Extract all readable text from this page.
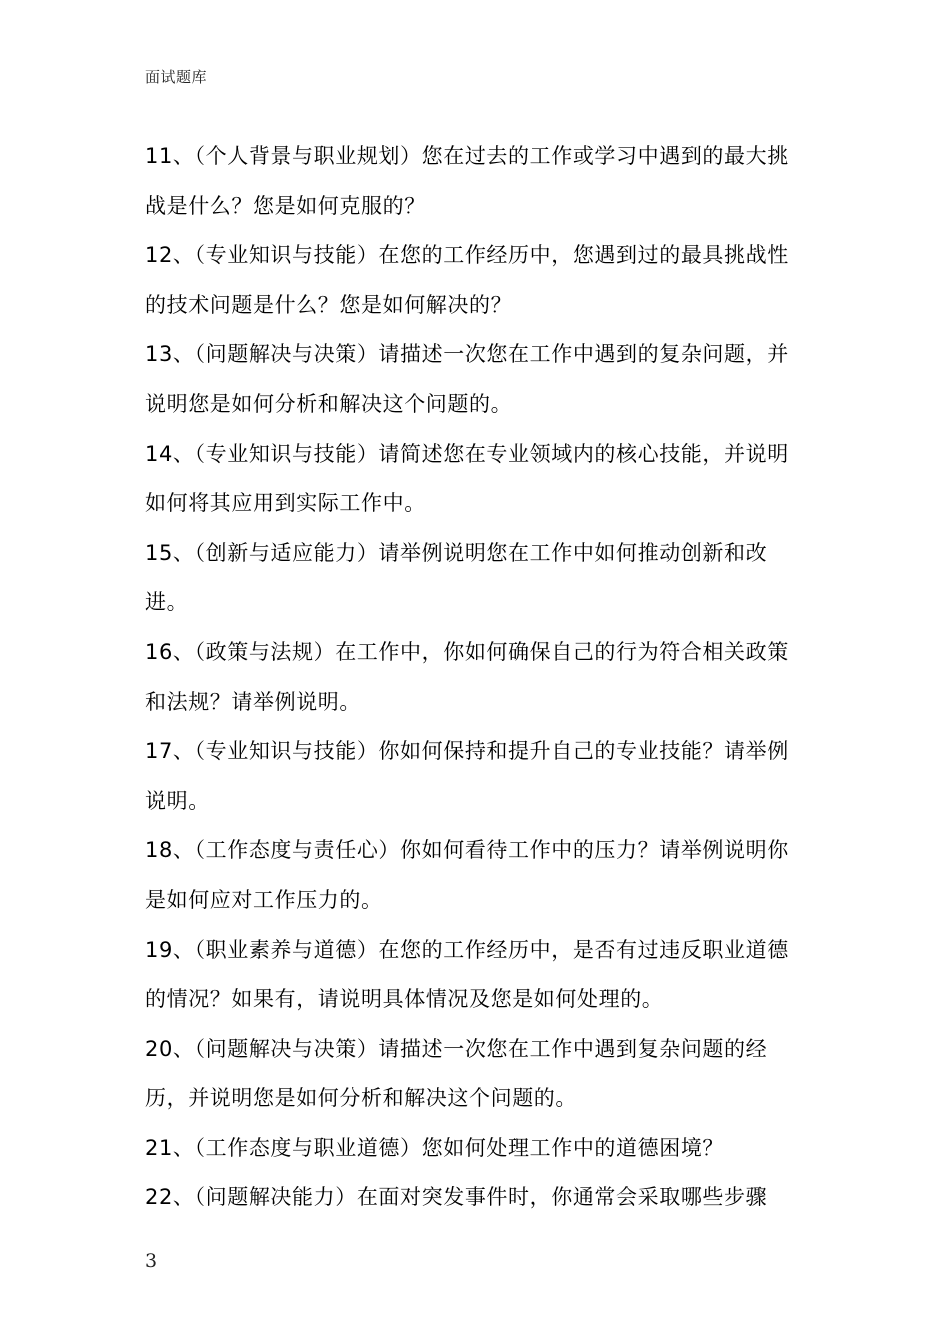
面试题库

11、（个人背景与职业规划）您在过去的工作或学习中遇到的最大挑战是什么？您是如何克服的？

12、（专业知识与技能）在您的工作经历中，您遇到过的最具挑战性的技术问题是什么？您是如何解决的？

13、（问题解决与决策）请描述一次您在工作中遇到的复杂问题，并说明您是如何分析和解决这个问题的。

14、（专业知识与技能）请简述您在专业领域内的核心技能，并说明如何将其应用到实际工作中。

15、（创新与适应能力）请举例说明您在工作中如何推动创新和改进。

16、（政策与法规）在工作中，你如何确保自己的行为符合相关政策和法规？请举例说明。

17、（专业知识与技能）你如何保持和提升自己的专业技能？请举例说明。

18、（工作态度与责任心）你如何看待工作中的压力？请举例说明你是如何应对工作压力的。

19、（职业素养与道德）在您的工作经历中，是否有过违反职业道德的情况？如果有，请说明具体情况及您是如何处理的。

20、（问题解决与决策）请描述一次您在工作中遇到复杂问题的经历，并说明您是如何分析和解决这个问题的。

21、（工作态度与职业道德）您如何处理工作中的道德困境？

22、（问题解决能力）在面对突发事件时，你通常会采取哪些步骤

3
